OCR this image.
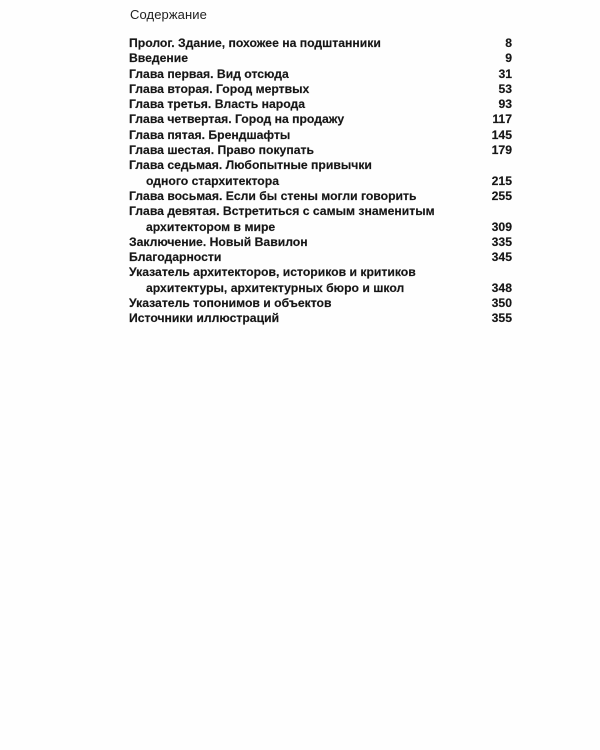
Содержание
Пролог. Здание, похожее на подштанники	8
Введение	9
Глава первая. Вид отсюда	31
Глава вторая. Город мертвых	53
Глава третья. Власть народа	93
Глава четвертая. Город на продажу	117
Глава пятая. Брендшафты	145
Глава шестая. Право покупать	179
Глава седьмая. Любопытные привычки
одного стархитектора	215
Глава восьмая. Если бы стены могли говорить	255
Глава девятая. Встретиться с самым знаменитым
архитектором в мире	309
Заключение. Новый Вавилон	335
Благодарности	345
Указатель архитекторов, историков и критиков
архитектуры, архитектурных бюро и школ	348
Указатель топонимов и объектов	350
Источники иллюстраций	355
